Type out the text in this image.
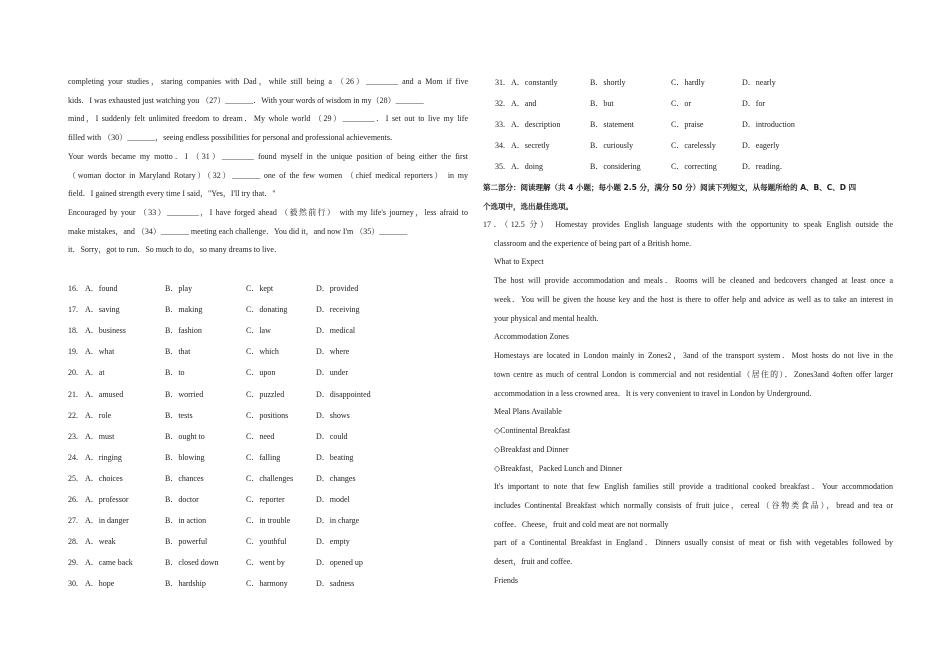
completing your studies，staring companies with Dad，while still being a （26）________ and a Mom if five
kids．I was exhausted just watching you （27）_______．With your words of wisdom in my（28）_______
mind，I suddenly felt unlimited freedom to dream．My whole world （29）________．I set out to live my life
filled with （30）_______，seeing endless possibilities for personal and professional achievements．
Your words became my motto．I （31）________ found myself in the unique position of being either the first
（woman doctor in Maryland Rotary）（32）_______ one of the few women （chief medical reporters） in my
field．I gained strength every time I said，"Yes，I'll try that．"
Encouraged by your （33）________，I have forged ahead （毅然前行） with my life's journey，less afraid to
make mistakes，and （34）_______ meeting each challenge．You did it，and now I'm （35）_______
it．Sorry，got to run．So much to do，so many dreams to live．
16. A．found	B．play	C．kept	D．provided
17. A．saving	B．making	C．donating	D．receiving
18. A．business	B．fashion	C．law	D．medical
19. A．what	B．that	C．which	D．where
20. A．at	B．to	C．upon	D．under
21. A．amused	B．worried	C．puzzled	D．disappointed
22. A．role	B．tests	C．positions	D．shows
23. A．must	B．ought to	C．need	D．could
24. A．ringing	B．blowing	C．falling	D．beating
25. A．choices	B．chances	C．challenges	D．changes
26. A．professor	B．doctor	C．reporter	D．model
27. A．in danger	B．in action	C．in trouble	D．in charge
28. A．weak	B．powerful	C．youthful	D．empty
29. A．came back	B．closed down	C．went by	D．opened up
30. A．hope	B．hardship	C．harmony	D．sadness
31. A．constantly	B．shortly	C．hardly	D．nearly
32. A．and	B．but	C．or	D．for
33. A．description	B．statement	C．praise	D．introduction
34. A．secretly	B．curiously	C．carelessly	D．eagerly
35. A．doing	B．considering	C．correcting	D．reading．
第二部分：阅读理解（共 4 小题；每小题 2.5 分，满分 50 分）阅读下列短文，从每题所给的 A、B、C、D 四
个选项中，选出最佳选项。
17．（12.5 分） Homestay provides English language students with the opportunity to speak English outside the
classroom and the experience of being part of a British home.
What to Expect
The host will provide accommodation and meals．Rooms will be cleaned and bedcovers changed at least once a
week．You will be given the house key and the host is there to offer help and advice as well as to take an interest in
your physical and mental health.
Accommodation Zones
Homestays are located in London mainly in Zones2，3and of the transport system．Most hosts do not live in the
town centre as much of central London is commercial and not residential（居住的）．Zones3and 4often offer larger
accommodation in a less crowned area．It is very convenient to travel in London by Underground.
Meal Plans Available
◇Continental Breakfast
◇Breakfast and Dinner
◇Breakfast，Packed Lunch and Dinner
It's important to note that few English families still provide a traditional cooked breakfast．Your accommodation
includes Continental Breakfast which normally consists of fruit juice，cereal（谷物类食品），bread and tea or
coffee．Cheese，fruit and cold meat are not normally
part of a Continental Breakfast in England．Dinners usually consist of meat or fish with vegetables followed by
desert，fruit and coffee.
Friends
